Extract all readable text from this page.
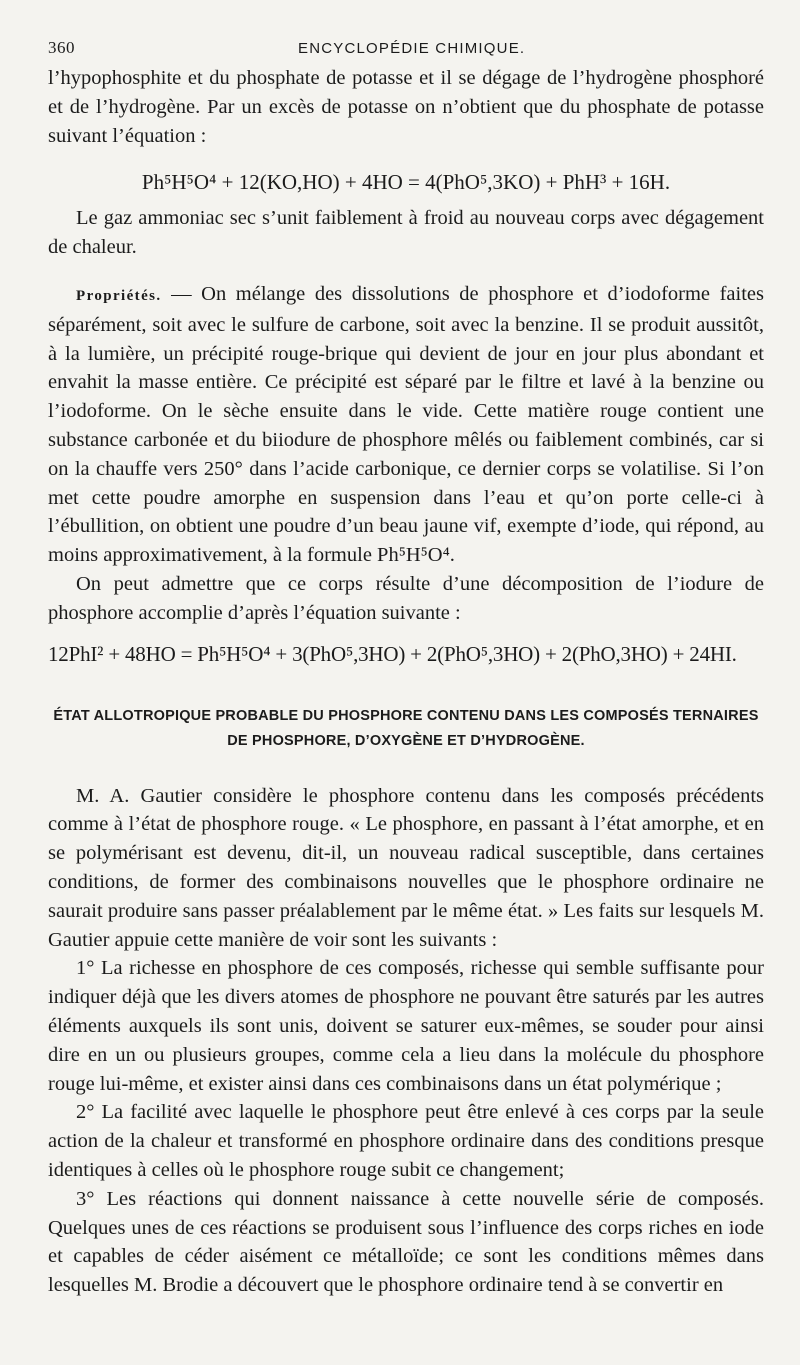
360	ENCYCLOPÉDIE CHIMIQUE.

l’hypophosphite et du phosphate de potasse et il se dégage de l’hydrogène phosphoré et de l’hydrogène. Par un excès de potasse on n’obtient que du phosphate de potasse suivant l’équation :

Ph⁵H⁵O⁴ + 12(KO,HO) + 4HO = 4(PhO⁵,3KO) + PhH³ + 16H.

Le gaz ammoniac sec s’unit faiblement à froid au nouveau corps avec dégagement de chaleur.

Propriétés. — On mélange des dissolutions de phosphore et d’iodoforme faites séparément, soit avec le sulfure de carbone, soit avec la benzine. Il se produit aussitôt, à la lumière, un précipité rouge-brique qui devient de jour en jour plus abondant et envahit la masse entière. Ce précipité est séparé par le filtre et lavé à la benzine ou l’iodoforme. On le sèche ensuite dans le vide. Cette matière rouge contient une substance carbonée et du biiodure de phosphore mêlés ou faiblement combinés, car si on la chauffe vers 250° dans l’acide carbonique, ce dernier corps se volatilise. Si l’on met cette poudre amorphe en suspension dans l’eau et qu’on porte celle-ci à l’ébullition, on obtient une poudre d’un beau jaune vif, exempte d’iode, qui répond, au moins approximativement, à la formule Ph⁵H⁵O⁴.

On peut admettre que ce corps résulte d’une décomposition de l’iodure de phosphore accomplie d’après l’équation suivante :

12PhI² + 48HO = Ph⁵H⁵O⁴ + 3(PhO⁵,3HO) + 2(PhO⁵,3HO) + 2(PhO,3HO) + 24HI.
ÉTAT ALLOTROPIQUE PROBABLE DU PHOSPHORE CONTENU DANS LES COMPOSÉS TERNAIRES
DE PHOSPHORE, D’OXYGÈNE ET D’HYDROGÈNE.

M. A. Gautier considère le phosphore contenu dans les composés précédents comme à l’état de phosphore rouge. « Le phosphore, en passant à l’état amorphe, et en se polymérisant est devenu, dit-il, un nouveau radical susceptible, dans certaines conditions, de former des combinaisons nouvelles que le phosphore ordinaire ne saurait produire sans passer préalablement par le même état. » Les faits sur lesquels M. Gautier appuie cette manière de voir sont les suivants :

1° La richesse en phosphore de ces composés, richesse qui semble suffisante pour indiquer déjà que les divers atomes de phosphore ne pouvant être saturés par les autres éléments auxquels ils sont unis, doivent se saturer eux-mêmes, se souder pour ainsi dire en un ou plusieurs groupes, comme cela a lieu dans la molécule du phosphore rouge lui-même, et exister ainsi dans ces combinaisons dans un état polymérique ;

2° La facilité avec laquelle le phosphore peut être enlevé à ces corps par la seule action de la chaleur et transformé en phosphore ordinaire dans des conditions presque identiques à celles où le phosphore rouge subit ce changement;

3° Les réactions qui donnent naissance à cette nouvelle série de composés. Quelques unes de ces réactions se produisent sous l’influence des corps riches en iode et capables de céder aisément ce métalloïde; ce sont les conditions mêmes dans lesquelles M. Brodie a découvert que le phosphore ordinaire tend à se convertir en
